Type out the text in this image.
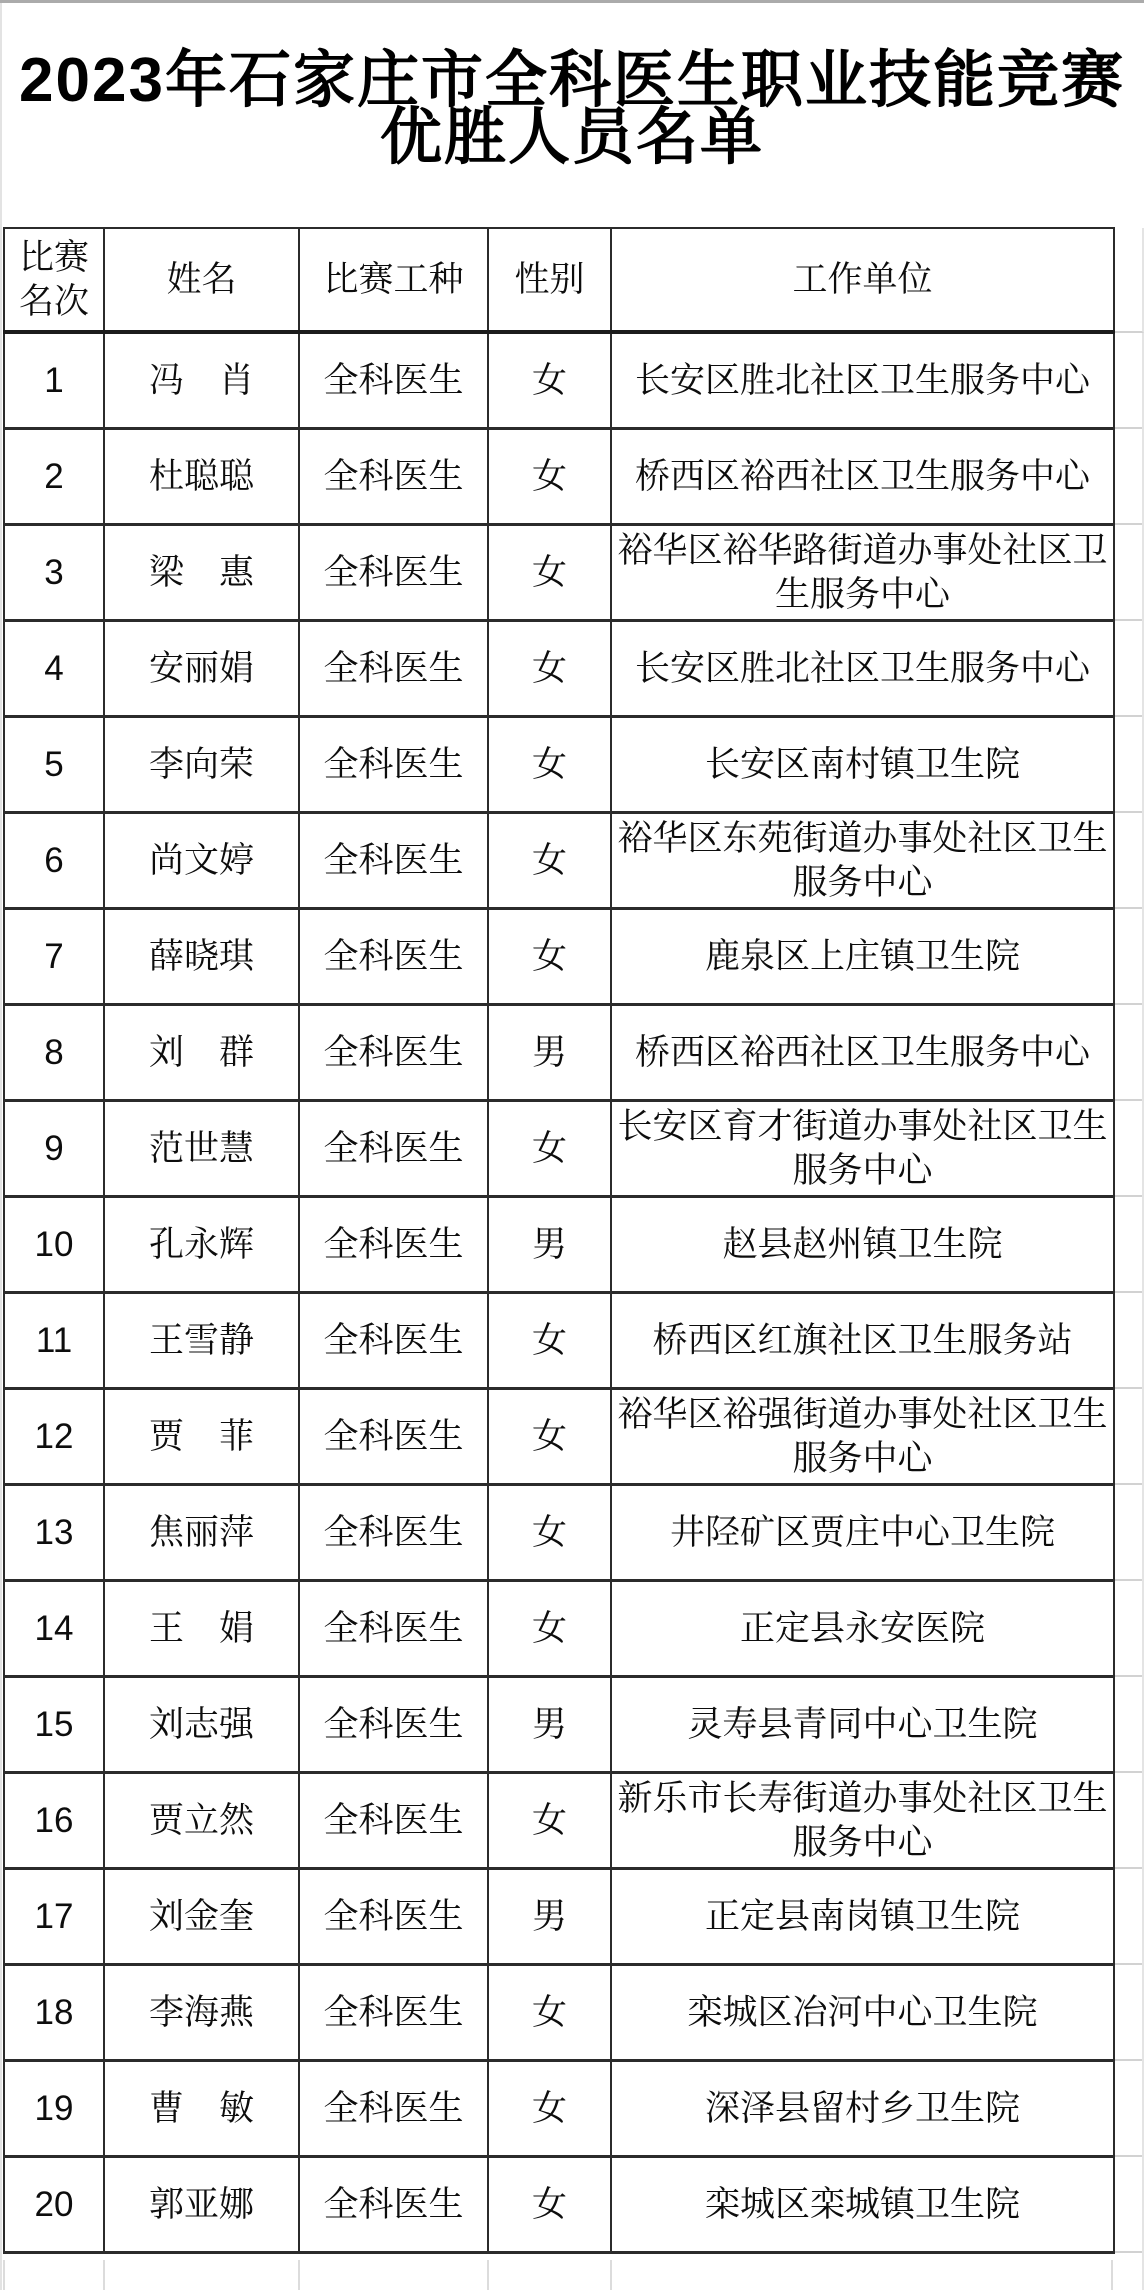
2023年石家庄市全科医生职业技能竞赛
优胜人员名单
比赛名次	姓名	比赛工种	性别	工作单位
1	冯　肖	全科医生	女	长安区胜北社区卫生服务中心
2	杜聪聪	全科医生	女	桥西区裕西社区卫生服务中心
3	梁　惠	全科医生	女	裕华区裕华路街道办事处社区卫生服务中心
4	安丽娟	全科医生	女	长安区胜北社区卫生服务中心
5	李向荣	全科医生	女	长安区南村镇卫生院
6	尚文婷	全科医生	女	裕华区东苑街道办事处社区卫生服务中心
7	薛晓琪	全科医生	女	鹿泉区上庄镇卫生院
8	刘　群	全科医生	男	桥西区裕西社区卫生服务中心
9	范世慧	全科医生	女	长安区育才街道办事处社区卫生服务中心
10	孔永辉	全科医生	男	赵县赵州镇卫生院
11	王雪静	全科医生	女	桥西区红旗社区卫生服务站
12	贾　菲	全科医生	女	裕华区裕强街道办事处社区卫生服务中心
13	焦丽萍	全科医生	女	井陉矿区贾庄中心卫生院
14	王　娟	全科医生	女	正定县永安医院
15	刘志强	全科医生	男	灵寿县青同中心卫生院
16	贾立然	全科医生	女	新乐市长寿街道办事处社区卫生服务中心
17	刘金奎	全科医生	男	正定县南岗镇卫生院
18	李海燕	全科医生	女	栾城区冶河中心卫生院
19	曹　敏	全科医生	女	深泽县留村乡卫生院
20	郭亚娜	全科医生	女	栾城区栾城镇卫生院
